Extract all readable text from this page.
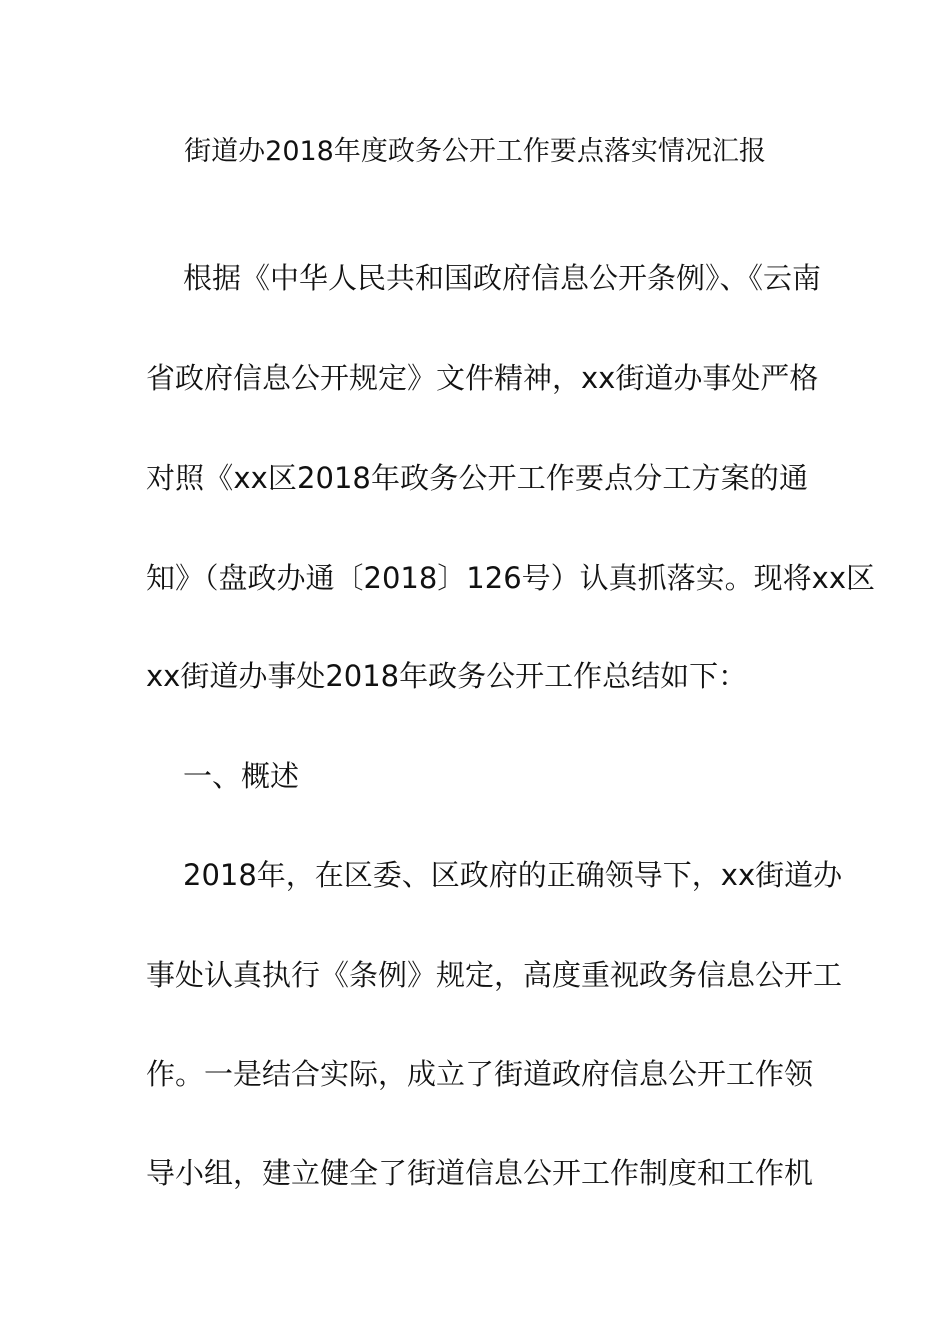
街道办2018年度政务公开工作要点落实情况汇报
根据《中华人民共和国政府信息公开条例》、《云南
省政府信息公开规定》文件精神，xx街道办事处严格
对照《xx区2018年政务公开工作要点分工方案的通
知》（盘政办通〔2018〕126号）认真抓落实。现将xx区
xx街道办事处2018年政务公开工作总结如下：
一、概述
2018年，在区委、区政府的正确领导下，xx街道办
事处认真执行《条例》规定，高度重视政务信息公开工
作。一是结合实际，成立了街道政府信息公开工作领
导小组，建立健全了街道信息公开工作制度和工作机
